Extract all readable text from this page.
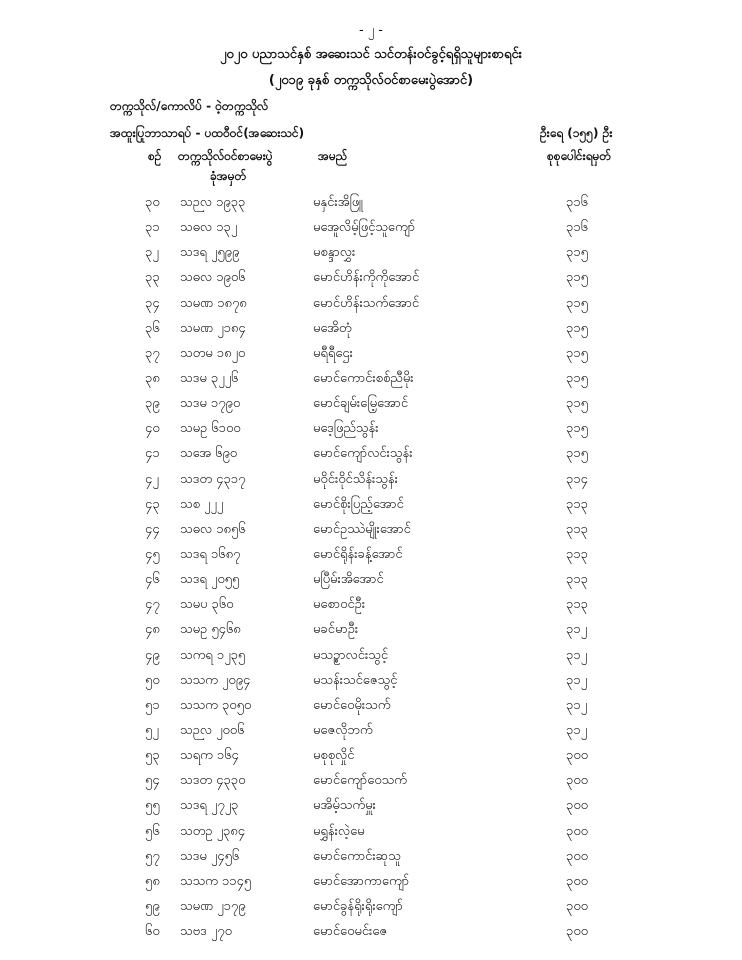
- ၂ -
၂၀၂၀ ပညာသင်နှစ် အဆေးသင် သင်တန်းဝင်ခွင့်ရရှိသူများစာရင်း
(၂၀၁၉ ခုနှစ် တက္ကသိုလ်ဝင်စာမေးပွဲအောင်)
တက္ကသိုလ်/ကောလိပ် - ဝဲ့တက္ကသိုလ်
အထူးပြုဘာသာရပ် - ပထဝီဝင်(အဆေးသင်)	ဦးရေ (၁၅၅) ဦး
စဉ် တက္ကသိုလ်ဝင်စာမေးပွဲ
ခုံအမှတ်
အမည်	စုစုပေါင်းရမှတ်
၃၀ သဉလ ၁၉၃၃	မနှင်းအိဖြူ	၃၁၆
၃၁ သဓလ ၁၃၂	မအေူလိမ့်ဖြင့်သူကျော်	၃၁၆
၃၂ သဒရ ၂၅၉၉	မစန္ဒာလွှး	၃၁၅
၃၃ သဓလ ၁၉၀၆	မောင်ဟိန်းကိုကိုအောင်	၃၁၅
၃၄ သမဏ ၁၈၇၈	မောင်ဟိန်းသက်အောင်	၃၁၅
၃၆ သမဏ ၂၁၈၄	မအေိတုံ	၃၁၅
၃၇ သတမ ၁၈၂၀	မရီရီဌေး	၃၁၅
၃၈ သဒမ ၃၂၂၆	မောင်ကောင်းစစ်ညီမိုး	၃၁၅
၃၉ သဒမ ၁၇၉၀	မောင်ချမ်းမြေ့အောင်	၃၁၅
၄၀ သမဥ ၆၁၀၀	မဒေ့ဖြည်သွန်း	၃၁၅
၄၁ သအေ ၆၉၀	မောင်ကျော်လင်းသွန်း	၃၁၅
၄၂ သဒတ ၄၃၁၇	မဝိုင်းဝိုင်သိန်းသွန်း	၃၁၄
၄၃ သစ ၂၂၂	မောင်စိုးပြည့်အောင်	၃၁၃
၄၄ သဓလ ၁၈၅၆	မောင်ဥဿဲမျိုးအောင်	၃၁၃
၄၅ သဒရ ၁၆၈၇	မောင်ရိုန်းခန့်အောင်	၃၁၃
၄၆ သဒရ ၂၀၅၅	မပြီမ်းအိအောင်	၃၁၃
၄၇ သမပ ၃၆၀	မစောဝင်ဦး	၃၁၃
၄၈ သမဥ ၅၄၆၈	မခင်မာဦး	၃၁၂
၄၉ သကရ ၁၂၃၅	မသဥ္စာလင်းသွင့်	၃၁၂
၅၀ သသက ၂၀၉၄	မသန်းသင်ဇေသွင့်	၃၁၂
၅၁ သသက ၃၀၅၀	မောင်ဝေမိုးသက်	၃၁၂
၅၂ သဉလ ၂၀၀၆	မဇေလိုဘက်	၃၁၂
၅၃ သရက ၁၆၄	မစုစုလှိုင်	၃၀၀
၅၄ သဒတ ၄၃၃၀	မောင်ကျော်ဝေသက်	၃၀၀
၅၅ သဒရ ၂၇၂၃	မအိမ့်သက်မှူး	၃၀၀
၅၆ သတဥ ၂၃၈၄	မရွှန်းလဲ့မေ	၃၀၀
၅၇ သဒမ ၂၄၅၆	မောင်ကောင်းဆုသူ	၃၀၀
၅၈ သသက ၁၁၄၅	မောင်အောကာကျော်	၃၀၀
၅၉ သမဏ ၂၁၇၉	မောင်ခွန်ရိုးရိုးကျော်	၃၀၀
၆၀ သဗဒ ၂၇၀	မောင်ဝေမင်းဇေ	၃၀၀
